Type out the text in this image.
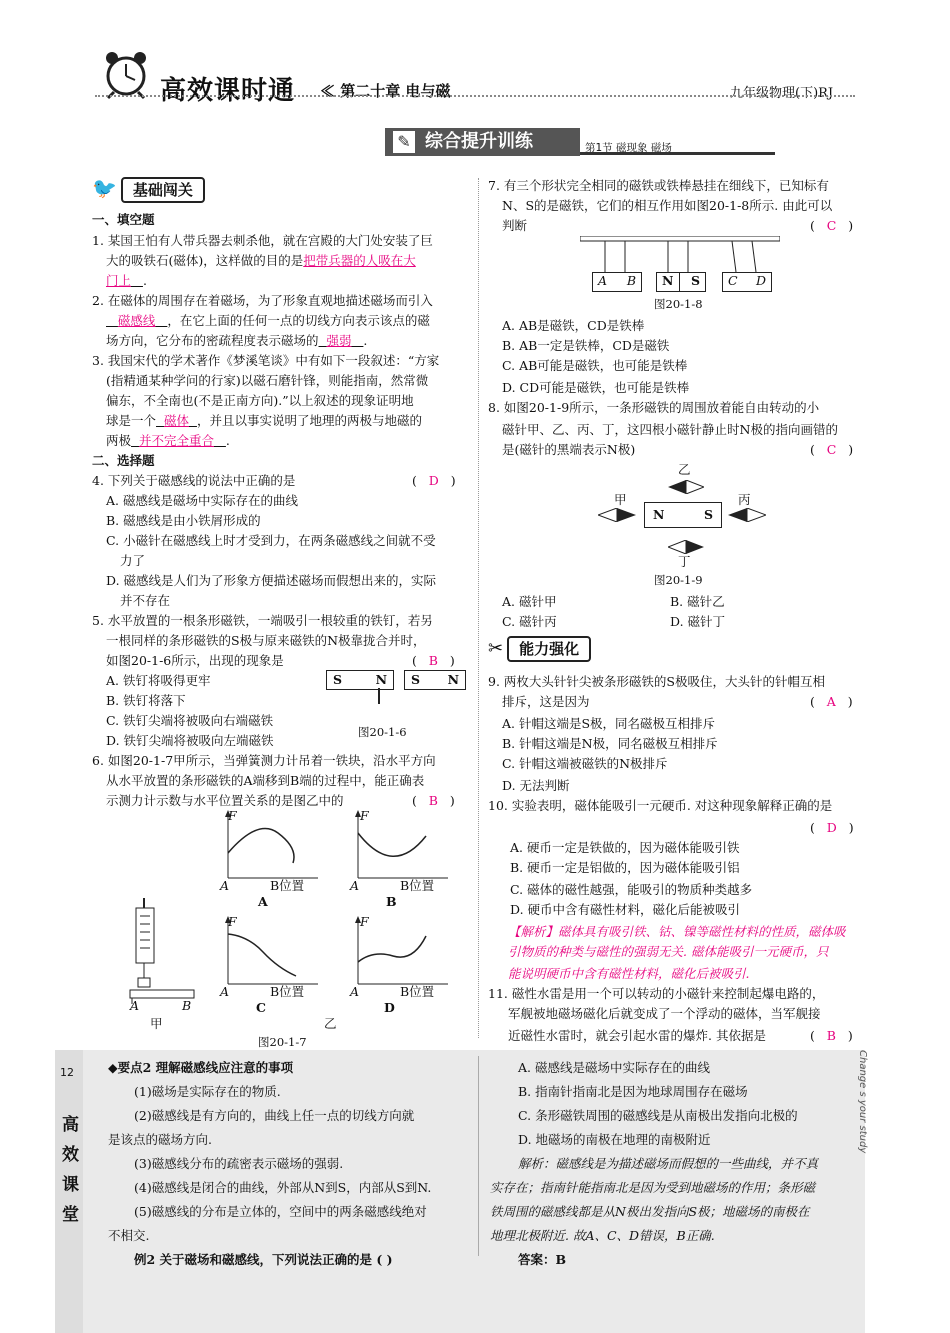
高效课时通 ≪ 第二十章 电与磁	九年级物理(下)RJ
✎ 综合提升训练	第1节 磁现象 磁场
🐦 基础闯关
一、填空题
1. 某国王怕有人带兵器去刺杀他，就在宫殿的大门处安装了巨
大的吸铁石(磁体)，这样做的目的是把带兵器的人吸在大
门上 .
2. 在磁体的周围存在着磁场，为了形象直观地描述磁场而引入
磁感线 ，在它上面的任何一点的切线方向表示该点的磁
场方向，它分布的密疏程度表示磁场的 强弱 .
3. 我国宋代的学术著作《梦溪笔谈》中有如下一段叙述：“方家
(指精通某种学问的行家)以磁石磨针锋，则能指南，然常微
偏东，不全南也(不是正南方向).”以上叙述的现象证明地
球是一个 磁体 ，并且以事实说明了地理的两极与地磁的
两极 并不完全重合 .
二、选择题
4. 下列关于磁感线的说法中正确的是	(   D   )
A. 磁感线是磁场中实际存在的曲线
B. 磁感线是由小铁屑形成的
C. 小磁针在磁感线上时才受到力，在两条磁感线之间就不受
力了
D. 磁感线是人们为了形象方便描述磁场而假想出来的，实际
并不存在
5. 水平放置的一根条形磁铁，一端吸引一根较重的铁钉，若另
一根同样的条形磁铁的S极与原来磁铁的N极靠拢合并时，
如图20-1-6所示，出现的现象是	(   B   )
A. 铁钉将吸得更牢
B. 铁钉将落下
C. 铁钉尖端将被吸向右端磁铁
D. 铁钉尖端将被吸向左端磁铁
S	N S N
图20-1-6
6. 如图20-1-7甲所示，当弹簧测力计吊着一铁块，沿水平方向
从水平放置的条形磁铁的A端移到B端的过程中，能正确表
示测力计示数与水平位置关系的是图乙中的	(   B   )
A	B
甲
F
A	B位置
A
F
A	B位置
B
F
A	B位置
C
F
A	B位置
D
乙
图20-1-7
7. 有三个形状完全相同的磁铁或铁棒悬挂在细线下，已知标有
N、S的是磁铁，它们的相互作用如图20-1-8所示. 由此可以
判断	(   C   )
A B N S C D
图20-1-8
A. AB是磁铁，CD是铁棒
B. AB一定是铁棒，CD是磁铁
C. AB可能是磁铁，也可能是铁棒
D. CD可能是磁铁，也可能是铁棒
8. 如图20-1-9所示，一条形磁铁的周围放着能自由转动的小
磁针甲、乙、丙、丁，这四根小磁针静止时N极的指向画错的
是(磁针的黑端表示N极)	(   C   )
乙
甲
N	S
丙
丁
图20-1-9
A. 磁针甲	B. 磁针乙
C. 磁针丙	D. 磁针丁
✂ 能力强化
9. 两枚大头针针尖被条形磁铁的S极吸住，大头针的针帽互相
排斥，这是因为	(   A   )
A. 针帽这端是S极，同名磁极互相排斥
B. 针帽这端是N极，同名磁极互相排斥
C. 针帽这端被磁铁的N极排斥
D. 无法判断
10. 实验表明，磁体能吸引一元硬币. 对这种现象解释正确的是
(   D   )
A. 硬币一定是铁做的，因为磁体能吸引铁
B. 硬币一定是铝做的，因为磁体能吸引铝
C. 磁体的磁性越强，能吸引的物质种类越多
D. 硬币中含有磁性材料，磁化后能被吸引
【解析】磁体具有吸引铁、钴、镍等磁性材料的性质，磁体吸
引物质的种类与磁性的强弱无关. 磁体能吸引一元硬币，只
能说明硬币中含有磁性材料，磁化后被吸引.
11. 磁性水雷是用一个可以转动的小磁针来控制起爆电路的，
军舰被地磁场磁化后就变成了一个浮动的磁体，当军舰接
近磁性水雷时，就会引起水雷的爆炸. 其依据是	(   B   )
12
高
效
课
堂
Change s your study
◆要点2 理解磁感线应注意的事项
(1)磁场是实际存在的物质.
(2)磁感线是有方向的，曲线上任一点的切线方向就
是该点的磁场方向.
(3)磁感线分布的疏密表示磁场的强弱.
(4)磁感线是闭合的曲线，外部从N到S，内部从S到N.
(5)磁感线的分布是立体的，空间中的两条磁感线绝对
不相交.
例2 关于磁场和磁感线，下列说法正确的是 ( )
A. 磁感线是磁场中实际存在的曲线
B. 指南针指南北是因为地球周围存在磁场
C. 条形磁铁周围的磁感线是从南极出发指向北极的
D. 地磁场的南极在地理的南极附近
解析：磁感线是为描述磁场而假想的一些曲线，并不真
实存在；指南针能指南北是因为受到地磁场的作用；条形磁
铁周围的磁感线都是从N极出发指向S极；地磁场的南极在
地理北极附近. 故A、C、D错误，B正确.
答案：B
